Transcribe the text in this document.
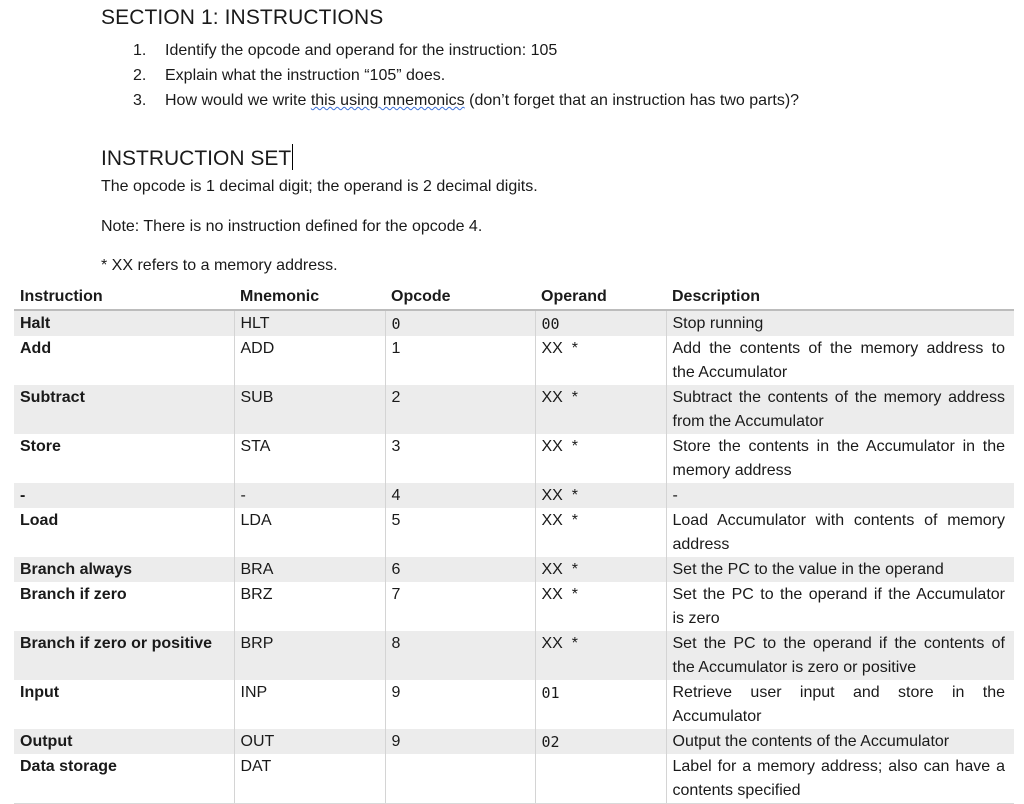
SECTION 1: INSTRUCTIONS
1.	Identify the opcode and operand for the instruction: 105
2.	Explain what the instruction “105” does.
3.	How would we write this using mnemonics (don’t forget that an instruction has two parts)?
INSTRUCTION SET

The opcode is 1 decimal digit; the operand is 2 decimal digits.

Note: There is no instruction defined for the opcode 4.

* XX refers to a memory address.

Instruction	Mnemonic	Opcode	Operand	Description
Halt	HLT	0	00	Stop running
Add	ADD	1	XX  *	Add the contents of the memory address to the Accumulator
Subtract	SUB	2	XX  *	Subtract the contents of the memory address from the Accumulator
Store	STA	3	XX  *	Store the contents in the Accumulator in the memory address
-	-	4	XX  *	-
Load	LDA	5	XX  *	Load Accumulator with contents of memory address
Branch always	BRA	6	XX  *	Set the PC to the value in the operand
Branch if zero	BRZ	7	XX  *	Set the PC to the operand if the Accumulator is zero
Branch if zero or positive	BRP	8	XX  *	Set the PC to the operand if the contents of the Accumulator is zero or positive
Input	INP	9	01	Retrieve user input and store in the Accumulator
Output	OUT	9	02	Output the contents of the Accumulator
Data storage	DAT			Label for a memory address; also can have a contents specified
